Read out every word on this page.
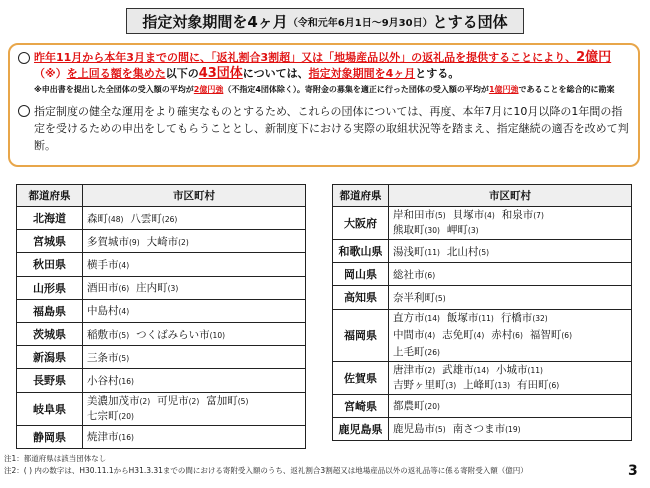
指定対象期間を4ヶ月 （令和元年6月1日～9月30日） とする団体
昨年11月から本年3月までの間に、「返礼割合3割超」又は「地場産品以外」の返礼品を提供することにより、2億円（※）を上回る額を集めた以下の43団体については、指定対象期間を4ヶ月とする。
※申出書を提出した全団体の受入額の平均が2億円強（不指定4団体除く）。寄附金の募集を適正に行った団体の受入額の平均が1億円強であることを総合的に勘案
指定制度の健全な運用をより確実なものとするため、これらの団体については、再度、本年7月に10月以降の1年間の指定を受けるための申出をしてもらうこととし、新制度下における実際の取組状況等を踏まえ、指定継続の適否を改めて判断。
都道府県	市区町村
北海道	森町(48) 八雲町(26)

宮城県	多賀城市(9) 大崎市(2)

秋田県	横手市(4)

山形県	酒田市(6) 庄内町(3)

福島県	中島村(4)

茨城県	稲敷市(5) つくばみらい市(10)

新潟県	三条市(5)

長野県	小谷村(16)

岐阜県	美濃加茂市(2) 可児市(2) 富加町(5)
七宗町(20)

静岡県	焼津市(16)
都道府県	市区町村
大阪府	岸和田市(5) 貝塚市(4) 和泉市(7)
熊取町(30) 岬町(3)

和歌山県	湯浅町(11) 北山村(5)

岡山県	総社市(6)

高知県	奈半利町(5)

福岡県	直方市(14) 飯塚市(11) 行橋市(32)
中間市(4) 志免町(4) 赤村(6) 福智町(6)
上毛町(26)

佐賀県	唐津市(2) 武雄市(14) 小城市(11)
吉野ヶ里町(3) 上峰町(13) 有田町(6)

宮崎県	都農町(20)

鹿児島県	鹿児島市(5) 南さつま市(19)
注1：都道府県は該当団体なし
注2：( ) 内の数字は、H30.11.1からH31.3.31までの間における寄附受入額のうち、返礼割合3割超又は地場産品以外の返礼品等に係る寄附受入額（億円）	3
